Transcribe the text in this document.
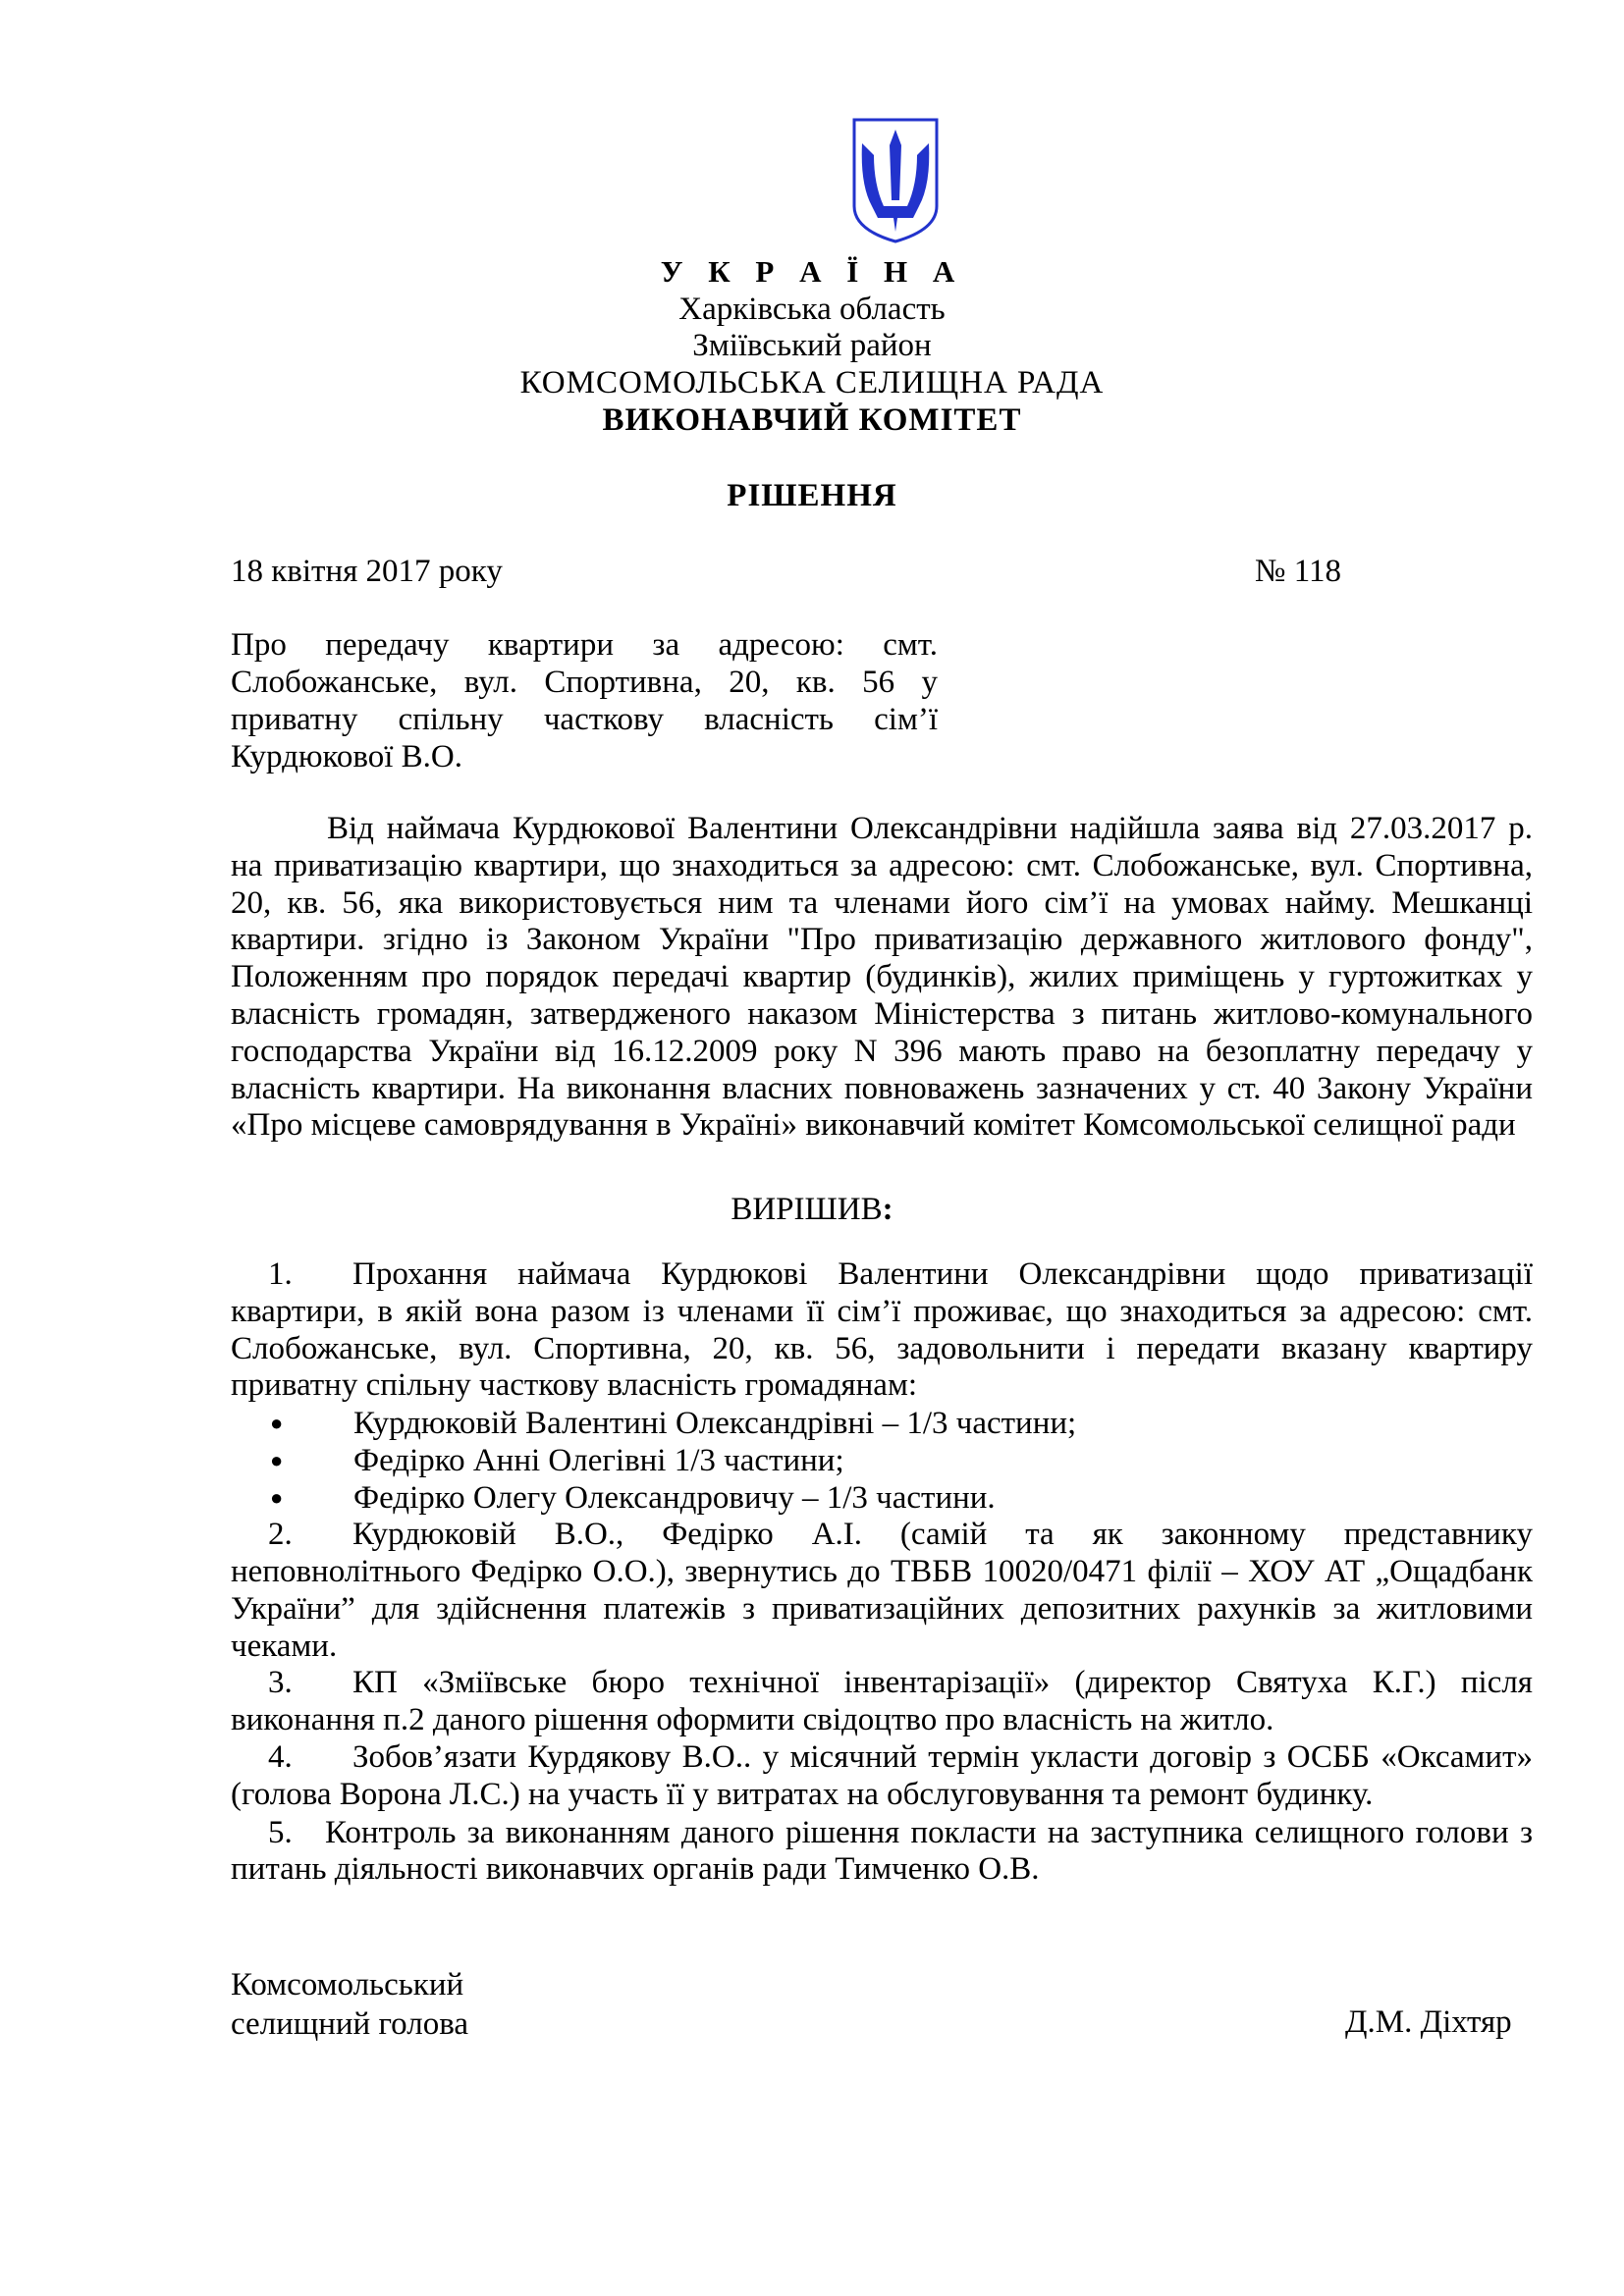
У К Р А Ї Н А
Харківська область
Зміївський район
КОМСОМОЛЬСЬКА СЕЛИЩНА РАДА
ВИКОНАВЧИЙ КОМІТЕТ
РІШЕННЯ
18 квітня 2017 року	№ 118
Про передачу квартири за адресою: смт.
Слобожанське, вул. Спортивна, 20, кв. 56 у
приватну спільну часткову власність сім’ї
Курдюкової В.О.
Від наймача Курдюкової Валентини Олександрівни надійшла заява від 27.03.2017 р.
на приватизацію квартири, що знаходиться за адресою: смт. Слобожанське, вул. Спортивна,
20, кв. 56, яка використовується ним та членами його сім’ї на умовах найму. Мешканці
квартири. згідно із Законом України "Про приватизацію державного житлового фонду",
Положенням про порядок передачі квартир (будинків), жилих приміщень у гуртожитках у
власність громадян, затвердженого наказом Міністерства з питань житлово-комунального
господарства України від 16.12.2009 року N 396 мають право на безоплатну передачу у
власність квартири. На виконання власних повноважень зазначених у ст. 40 Закону України
«Про місцеве самоврядування в Україні» виконавчий комітет Комсомольської селищної ради
ВИРІШИВ:
1.	Прохання наймача Курдюкові Валентини Олександрівни щодо приватизації
квартири, в якій вона разом із членами її сім’ї проживає, що знаходиться за адресою: смт.
Слобожанське, вул. Спортивна, 20, кв. 56, задовольнити і передати вказану квартиру
приватну спільну часткову власність громадянам:
●	Курдюковій Валентині Олександрівні – 1/3 частини;
●	Федірко Анні Олегівні 1/3 частини;
●	Федірко Олегу Олександровичу – 1/3 частини.
2.	Курдюковій В.О., Федірко А.І. (самій та як законному представнику
неповнолітнього Федірко О.О.), звернутись до ТВБВ 10020/0471 філії – ХОУ АТ „Ощадбанк
України” для здійснення платежів з приватизаційних депозитних рахунків за житловими
чеками.
3.	КП «Зміївське бюро технічної інвентарізації» (директор Святуха К.Г.) після
виконання п.2 даного рішення оформити свідоцтво про власність на житло.
4.	Зобов’язати Курдякову В.О.. у місячний термін укласти договір з ОСББ «Оксамит»
(голова Ворона Л.С.) на участь її у витратах на обслуговування та ремонт будинку.
5.	Контроль за виконанням даного рішення покласти на заступника селищного голови з
питань діяльності виконавчих органів ради Тимченко О.В.
Комсомольський
селищний голова	Д.М. Діхтяр
